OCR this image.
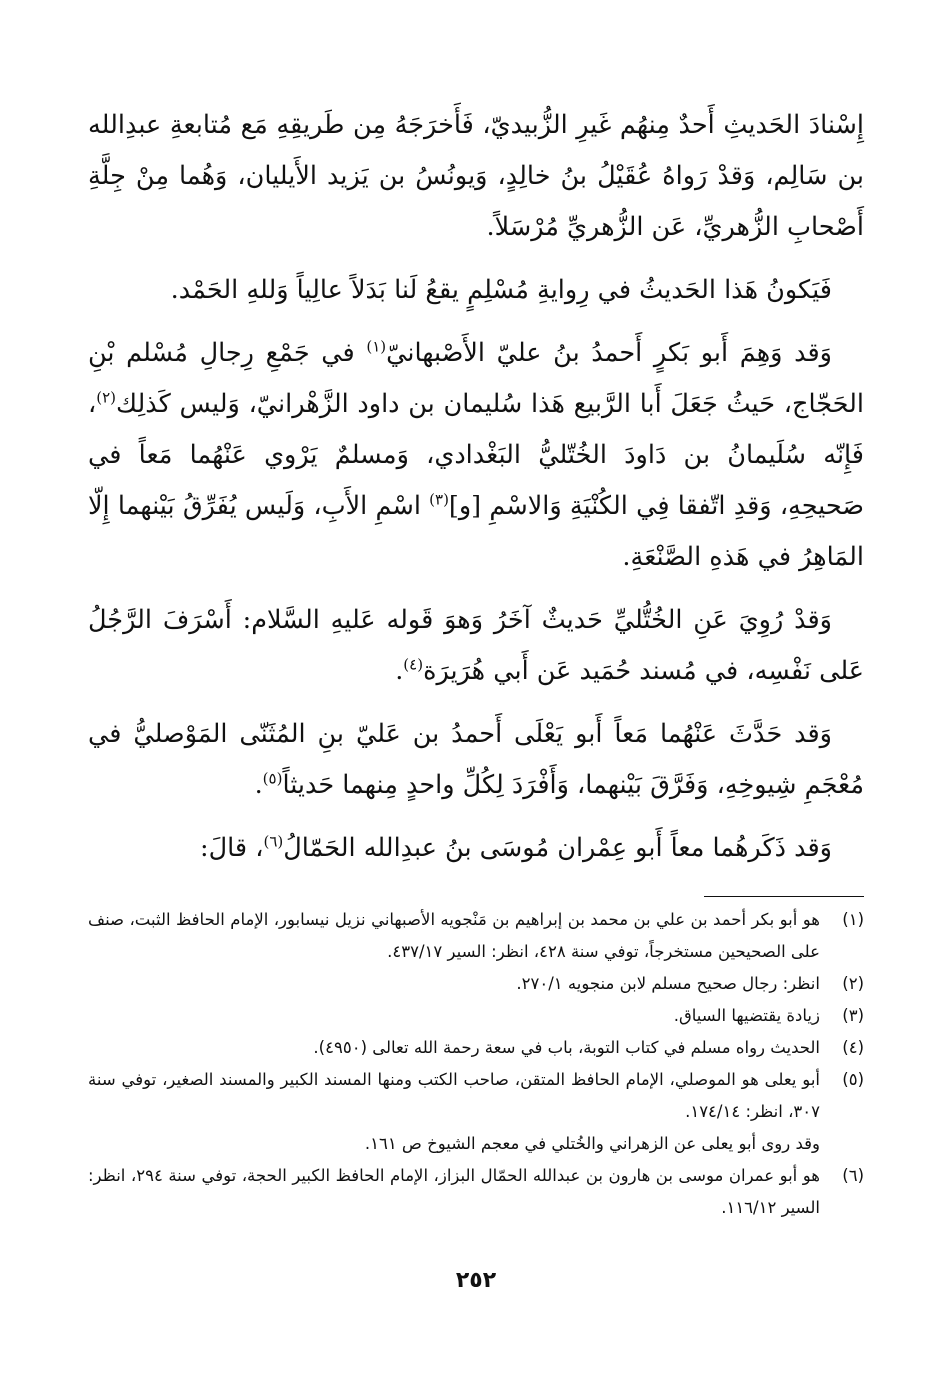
إِسْنادَ الحَديثِ أَحدٌ مِنهُم غَيرِ الزُّبيديّ، فَأَخرَجَهُ مِن طَريقِهِ مَع مُتابعةِ عبدِالله بن سَالِم، وَقدْ رَواهُ عُقَيْلُ بنُ خالِدٍ، وَيونُسُ بن يَزيد الأَيليان، وَهُما مِنْ جِلَّةِ أَصْحابِ الزُّهريِّ، عَن الزُّهريِّ مُرْسَلاً.

فَيَكونُ هَذا الحَديثُ في رِوايةِ مُسْلِمٍ يقعُ لَنا بَدَلاً عالِياً وَللهِ الحَمْد.

وَقد وَهِمَ أَبو بَكرٍ أَحمدُ بنُ عليّ الأَصْبهانيّ$^{(١)}$ في جَمْعِ رِجالِ مُسْلم بْنِ الحَجّاج، حَيثُ جَعَلَ أَبا الرَّبيع هَذا سُليمان بن داود الزَّهْرانيّ، وَليس كَذلِك$^{(٢)}$، فَإِنّه سُلَيمانُ بن دَاودَ الخُتّليُّ البَغْدادي، وَمسلمٌ يَرْوي عَنْهُما مَعاً في صَحيحِهِ، وَقدِ اتّفقا فِي الكُنْيَةِ وَالاسْمِ [و]$^{(٣)}$ اسْمِ الأَبِ، وَلَيس يُفَرِّقُ بَيْنهما إِلّا المَاهِرُ في هَذهِ الصَّنْعَةِ.

وَقدْ رُوِيَ عَنِ الخُتُّليِّ حَديثٌ آخَرُ وَهوَ قَوله عَليهِ السَّلام: أَسْرَفَ الرَّجُلُ عَلى نَفْسِه، في مُسند حُمَيد عَن أَبي هُرَيرَة$^{(٤)}$.

وَقد حَدَّثَ عَنْهُما مَعاً أَبو يَعْلَى أَحمدُ بن عَليّ بنِ المُثَنّى المَوْصليُّ في مُعْجَمِ شِيوخِهِ، وَفَرَّقَ بَيْنهما، وَأَفْرَدَ لِكُلِّ واحدٍ مِنهما حَديثاً$^{(٥)}$.

وَقد ذَكَرهُما معاً أَبو عِمْران مُوسَى بنُ عبدِالله الحَمّالُ$^{(٦)}$، قالَ:

(١)
هو أبو بكر أحمد بن علي بن محمد بن إبراهيم بن مَنْجويه الأصبهاني نزيل نيسابور، الإمام الحافظ الثبت، صنف على الصحيحين مستخرجاً، توفي سنة ٤٢٨، انظر: السير ٤٣٧/١٧.
(٢)
انظر: رجال صحيح مسلم لابن منجويه ٢٧٠/١.
(٣)
زيادة يقتضيها السياق.
(٤)
الحديث رواه مسلم في كتاب التوبة، باب في سعة رحمة الله تعالى (٤٩٥٠).
(٥)
أبو يعلى هو الموصلي، الإمام الحافظ المتقن، صاحب الكتب ومنها المسند الكبير والمسند الصغير، توفي سنة ٣٠٧، انظر: ١٧٤/١٤.
وقد روى أبو يعلى عن الزهراني والخُتلي في معجم الشيوخ ص ١٦١.
(٦)
هو أبو عمران موسى بن هارون بن عبدالله الحمّال البزاز، الإمام الحافظ الكبير الحجة، توفي سنة ٢٩٤، انظر: السير ١١٦/١٢.
٢٥٢
